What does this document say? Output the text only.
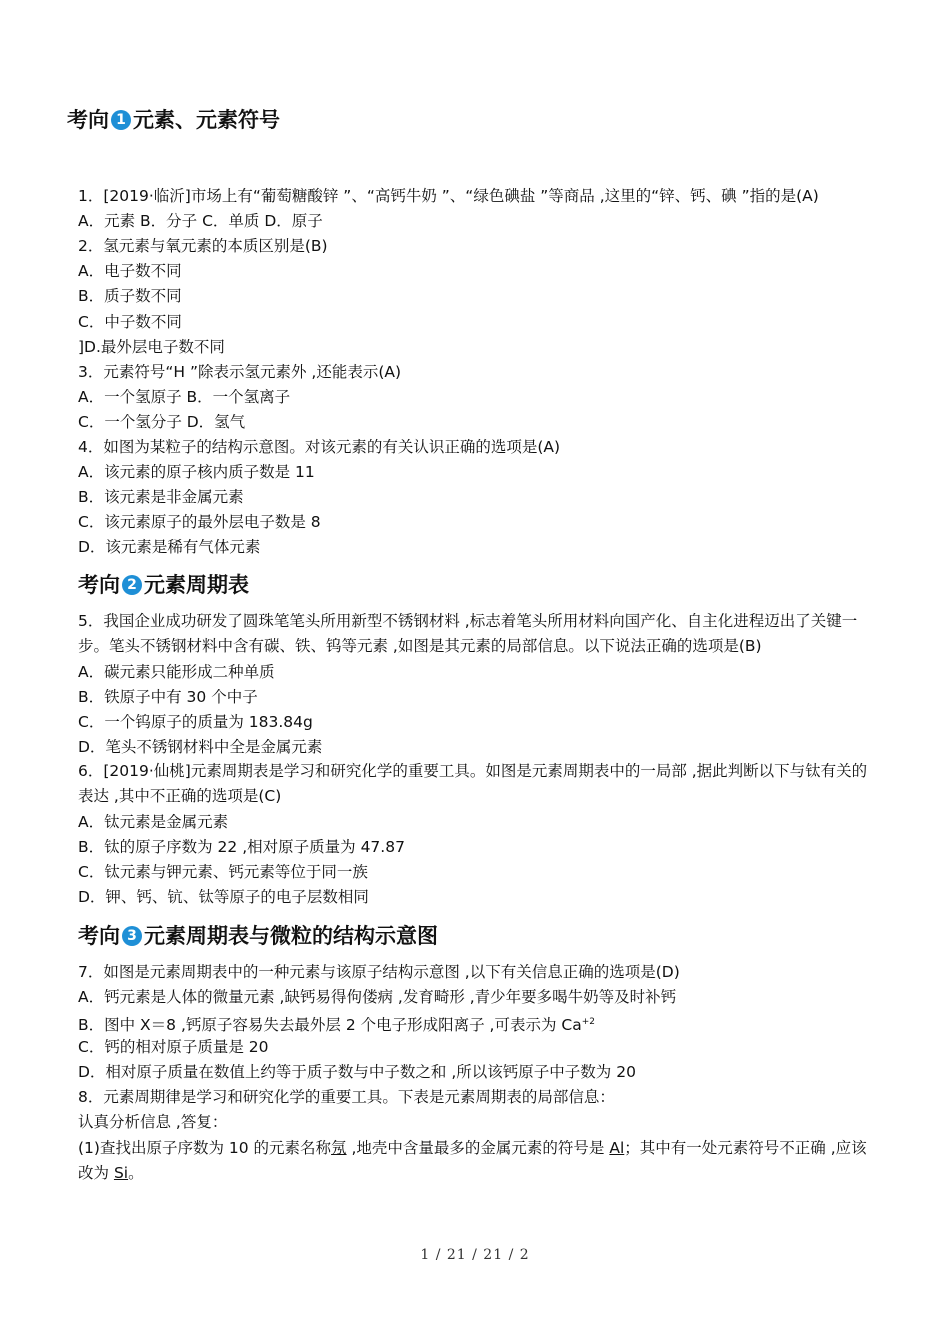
考向 1 元素、元素符号
1．[2019·临沂]市场上有“葡萄糖酸锌 ”、“高钙牛奶 ”、“绿色碘盐 ”等商品 ,这里的“锌、钙、碘 ”指的是(A)
A．元素 B．分子 C．单质 D．原子
2．氢元素与氧元素的本质区别是(B)
A．电子数不同
B．质子数不同
C．中子数不同
]D.最外层电子数不同
3．元素符号“H ”除表示氢元素外 ,还能表示(A)
A．一个氢原子 B．一个氢离子
C．一个氢分子 D．氢气
4．如图为某粒子的结构示意图。对该元素的有关认识正确的选项是(A)
A．该元素的原子核内质子数是 11
B．该元素是非金属元素
C．该元素原子的最外层电子数是 8
D．该元素是稀有气体元素
考向 2 元素周期表
5．我国企业成功研发了圆珠笔笔头所用新型不锈钢材料 ,标志着笔头所用材料向国产化、自主化进程迈出了关键一步。笔头不锈钢材料中含有碳、铁、钨等元素 ,如图是其元素的局部信息。以下说法正确的选项是(B)
A．碳元素只能形成二种单质
B．铁原子中有 30 个中子
C．一个钨原子的质量为 183.84g
D．笔头不锈钢材料中全是金属元素
6．[2019·仙桃]元素周期表是学习和研究化学的重要工具。如图是元素周期表中的一局部 ,据此判断以下与钛有关的表达 ,其中不正确的选项是(C)
A．钛元素是金属元素
B．钛的原子序数为 22 ,相对原子质量为 47.87
C．钛元素与钾元素、钙元素等位于同一族
D．钾、钙、钪、钛等原子的电子层数相同
考向 3 元素周期表与微粒的结构示意图
7．如图是元素周期表中的一种元素与该原子结构示意图 ,以下有关信息正确的选项是(D)
A．钙元素是人体的微量元素 ,缺钙易得佝偻病 ,发育畸形 ,青少年要多喝牛奶等及时补钙
B．图中 X＝8 ,钙原子容易失去最外层 2 个电子形成阳离子 ,可表示为 $Ca^{+2}$
C．钙的相对原子质量是 20
D．相对原子质量在数值上约等于质子数与中子数之和 ,所以该钙原子中子数为 20
8．元素周期律是学习和研究化学的重要工具。下表是元素周期表的局部信息：
认真分析信息 ,答复：
(1)查找出原子序数为 10 的元素名称氖 ,地壳中含量最多的金属元素的符号是 Al；其中有一处元素符号不正确 ,应该改为 Si。
1 / 21 / 21 / 2
